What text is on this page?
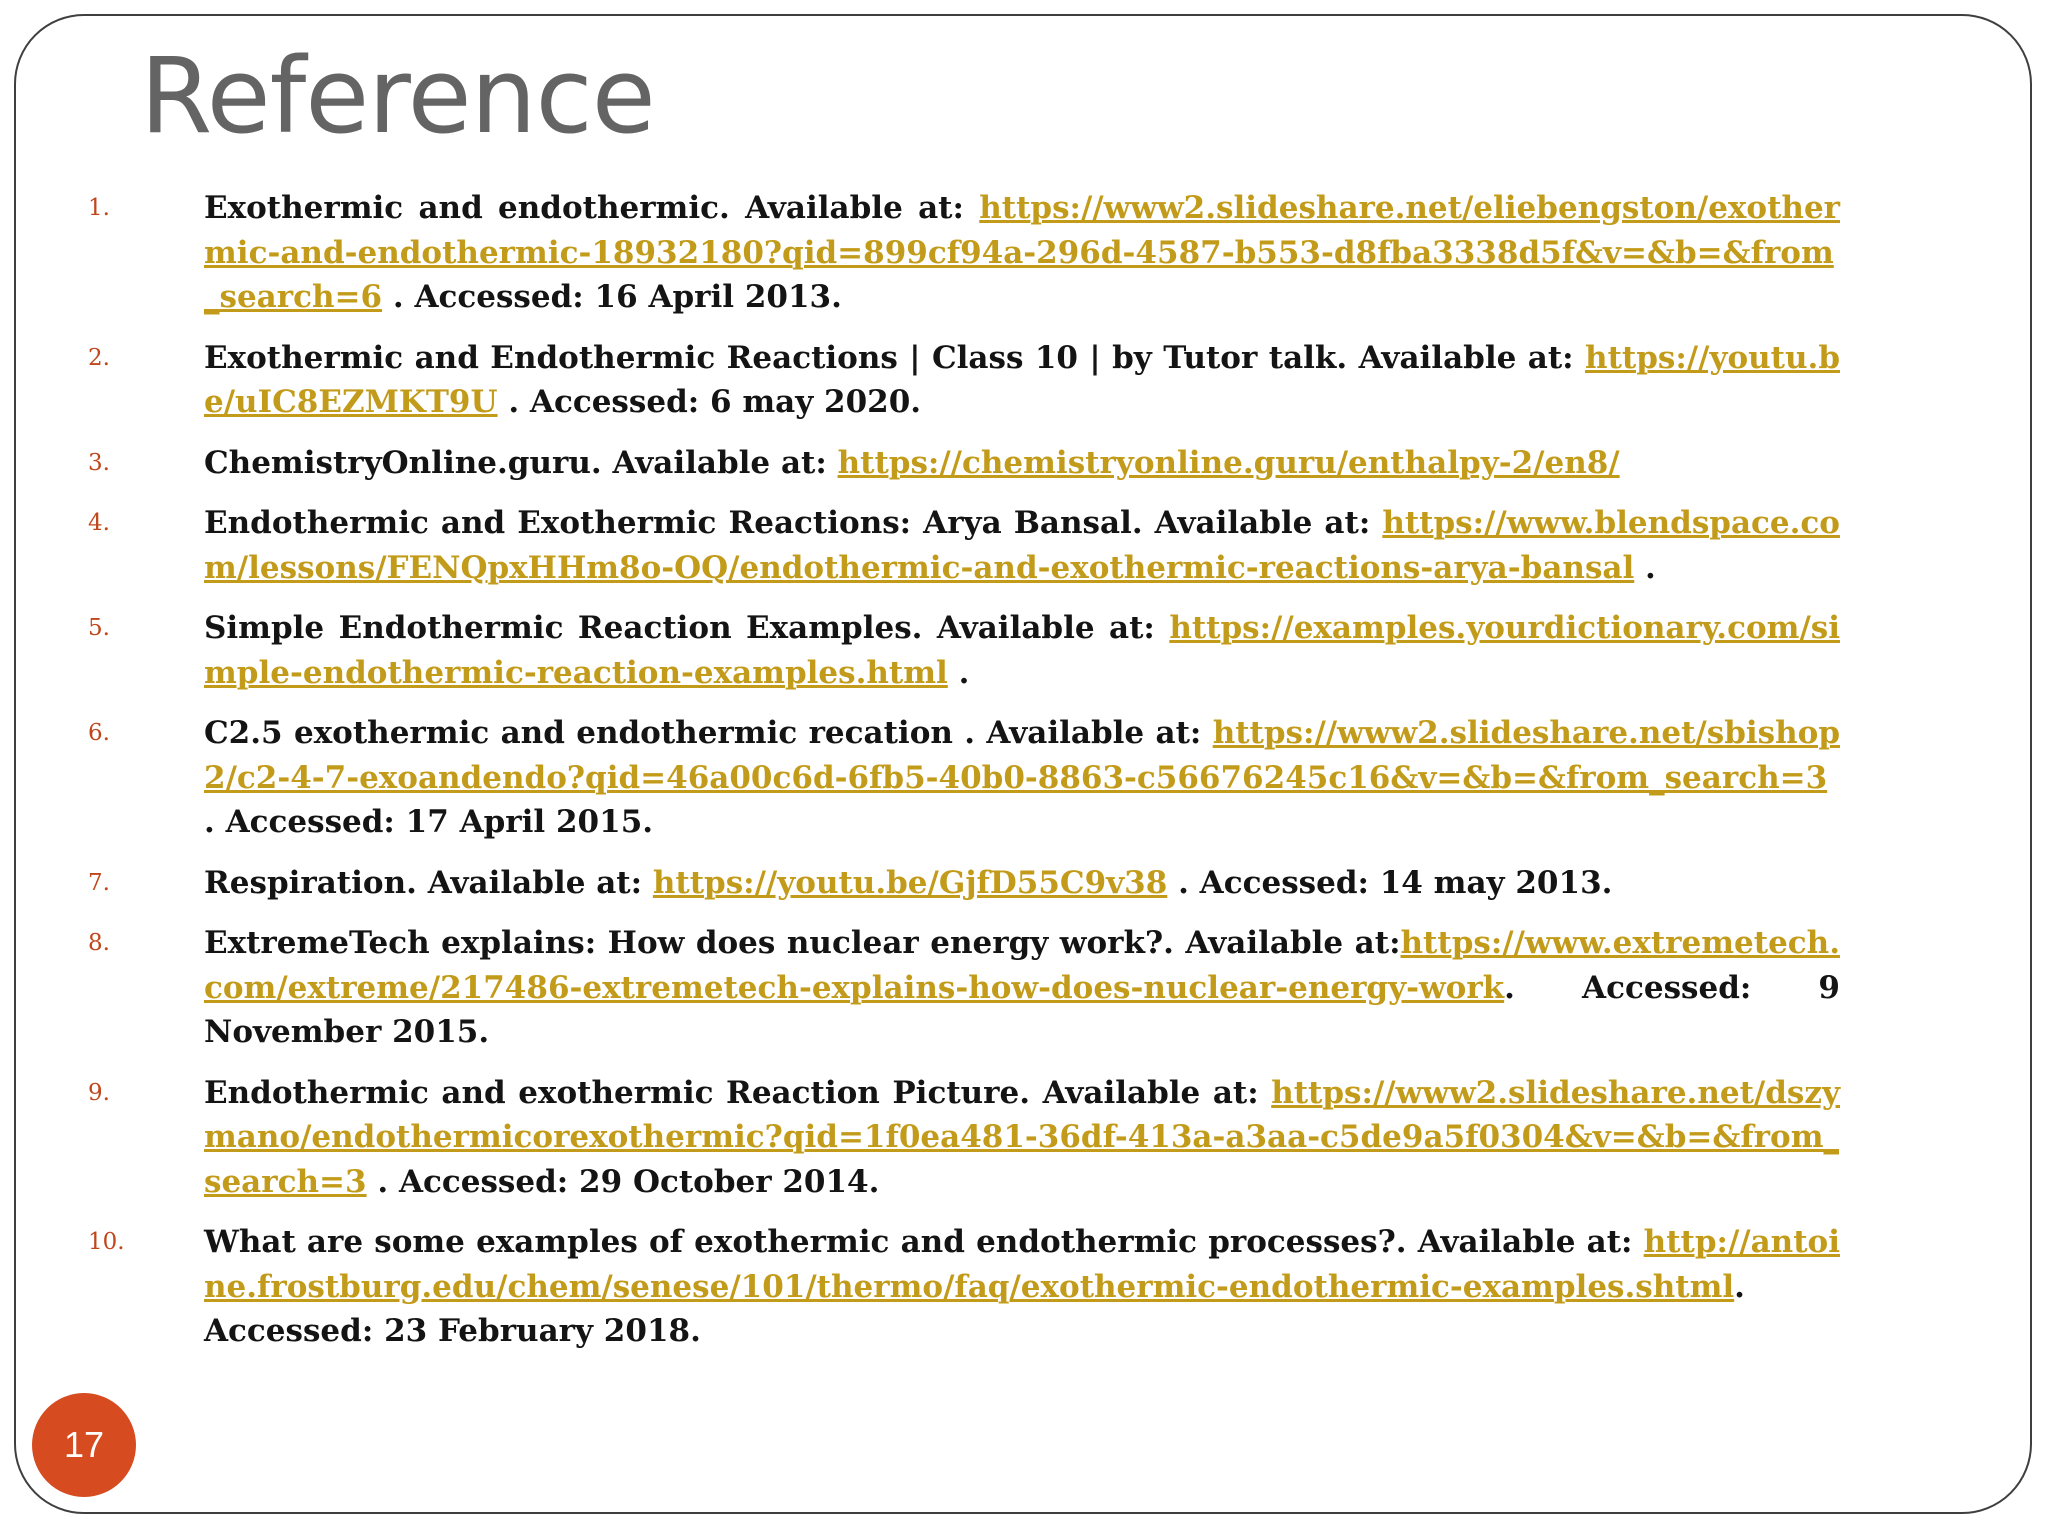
Reference
1.	Exothermic and endothermic. Available at: https://www2.slideshare.net/eliebengston/exothermic-and-endothermic-18932180?qid=899cf94a-296d-4587-b553-d8fba3338d5f&v=&b=&from_search=6 . Accessed: 16 April 2013.
2.	Exothermic and Endothermic Reactions | Class 10 | by Tutor talk. Available at: https://youtu.be/uIC8EZMKT9U . Accessed: 6 may 2020.
3.	ChemistryOnline.guru. Available at: https://chemistryonline.guru/enthalpy-2/en8/
4.	Endothermic and Exothermic Reactions: Arya Bansal. Available at: https://www.blendspace.com/lessons/FENQpxHHm8o-OQ/endothermic-and-exothermic-reactions-arya-bansal .
5.	Simple Endothermic Reaction Examples. Available at: https://examples.yourdictionary.com/simple-endothermic-reaction-examples.html .
6.	C2.5 exothermic and endothermic recation . Available at: https://www2.slideshare.net/sbishop2/c2-4-7-exoandendo?qid=46a00c6d-6fb5-40b0-8863-c56676245c16&v=&b=&from_search=3 . Accessed: 17 April 2015.
7.	Respiration. Available at: https://youtu.be/GjfD55C9v38 . Accessed: 14 may 2013.
8.	ExtremeTech explains: How does nuclear energy work?. Available at:https://www.extremetech.com/extreme/217486-extremetech-explains-how-does-nuclear-energy-work. Accessed: 9 November 2015.
9.	Endothermic and exothermic Reaction Picture. Available at: https://www2.slideshare.net/dszymano/endothermicorexothermic?qid=1f0ea481-36df-413a-a3aa-c5de9a5f0304&v=&b=&from_search=3 . Accessed: 29 October 2014.
10.	What are some examples of exothermic and endothermic processes?. Available at: http://antoine.frostburg.edu/chem/senese/101/thermo/faq/exothermic-endothermic-examples.shtml. Accessed: 23 February 2018.
17
